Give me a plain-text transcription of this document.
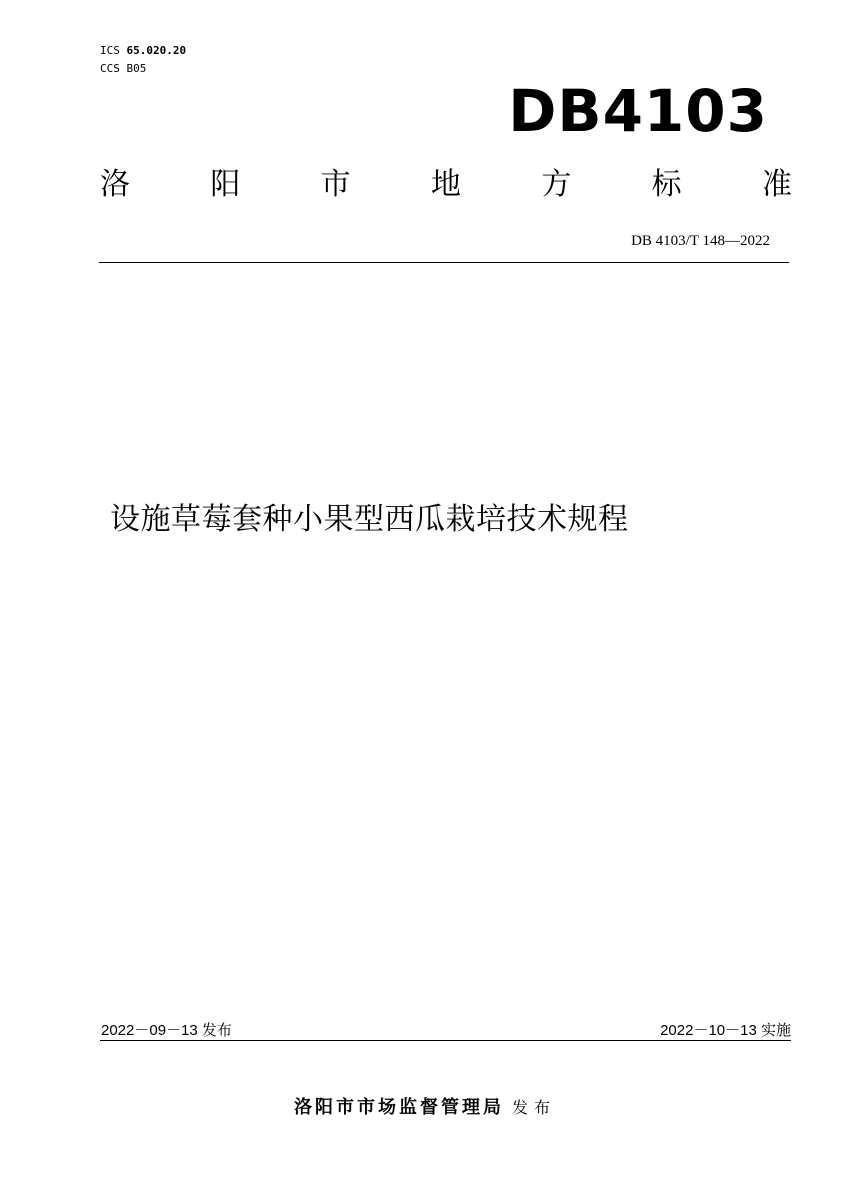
ICS 65.020.20
CCS B05
DB4103
洛	阳	市	地	方	标	准
DB 4103/T 148—2022
设施草莓套种小果型西瓜栽培技术规程
2022－09－13 发布	2022－10－13 实施
洛阳市市场监督管理局 发布
